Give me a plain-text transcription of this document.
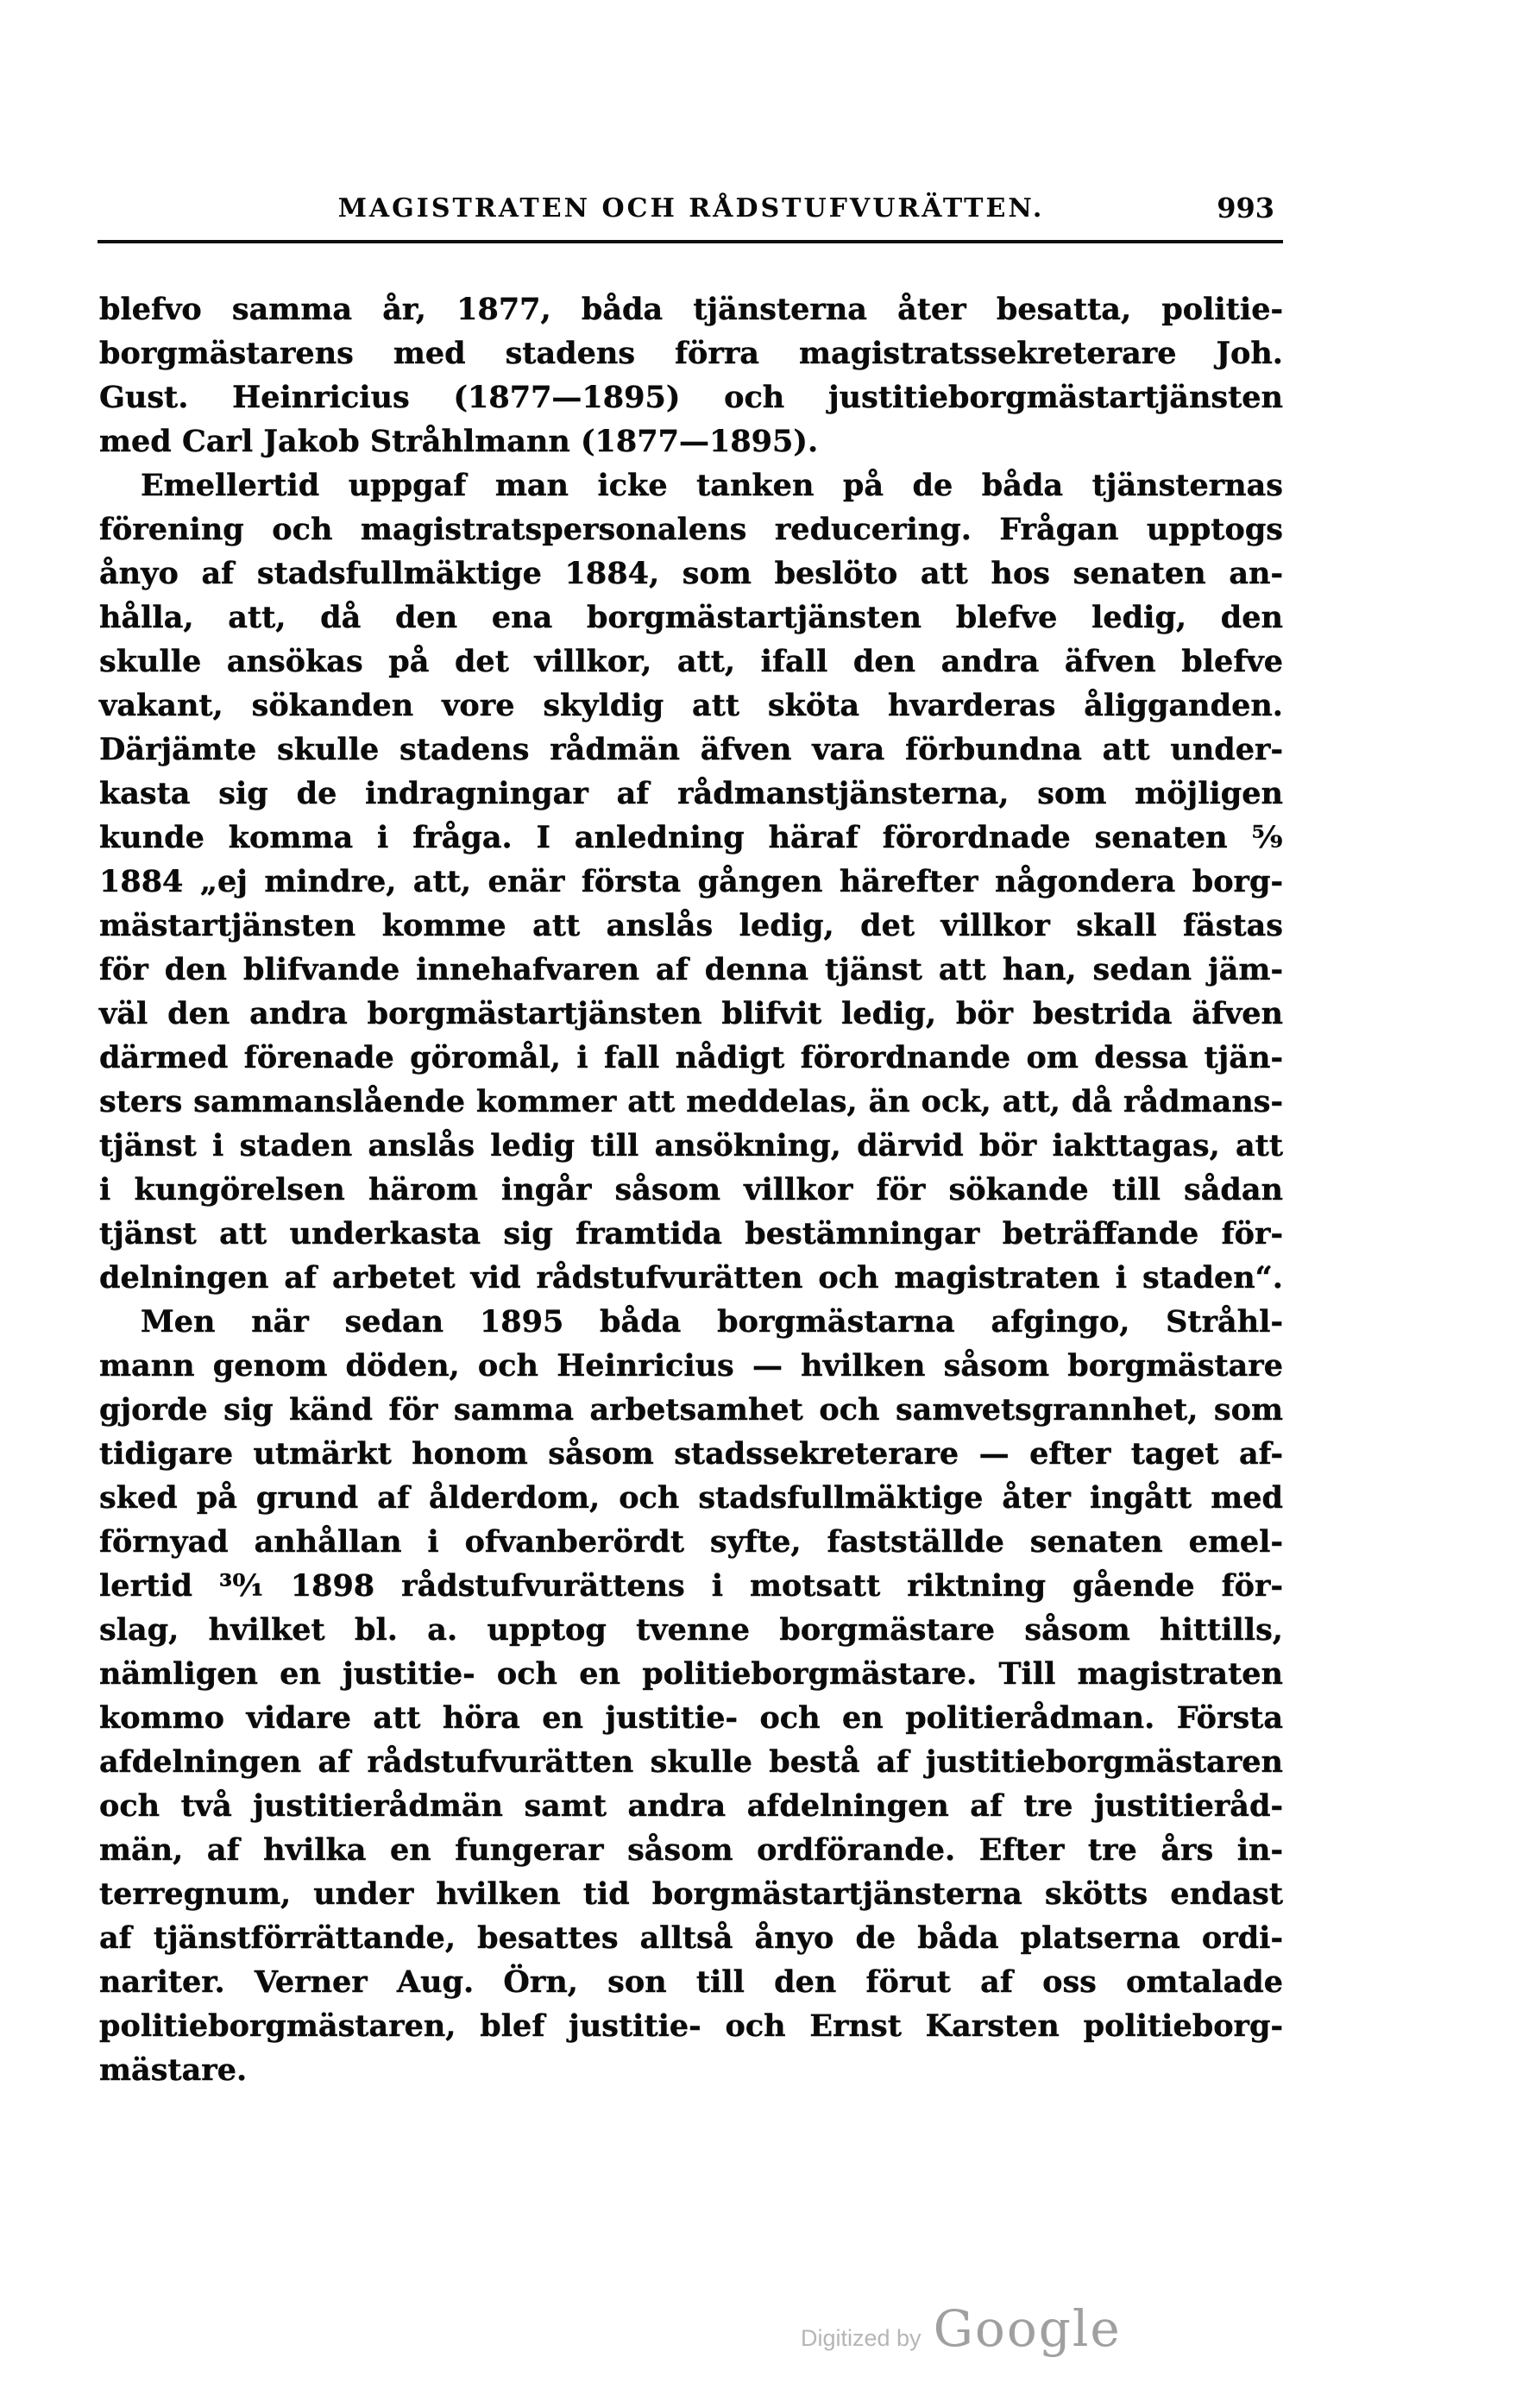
MAGISTRATEN OCH RÅDSTUFVURÄTTEN.	993
blefvo samma år, 1877, båda tjänsterna åter besatta, politie-
borgmästarens med stadens förra magistratssekreterare Joh.
Gust. Heinricius (1877—1895) och justitieborgmästartjänsten
med Carl Jakob Stråhlmann (1877—1895).
Emellertid uppgaf man icke tanken på de båda tjänsternas
förening och magistratspersonalens reducering. Frågan upptogs
ånyo af stadsfullmäktige 1884, som beslöto att hos senaten an-
hålla, att, då den ena borgmästartjänsten blefve ledig, den
skulle ansökas på det villkor, att, ifall den andra äfven blefve
vakant, sökanden vore skyldig att sköta hvarderas åligganden.
Därjämte skulle stadens rådmän äfven vara förbundna att under-
kasta sig de indragningar af rådmanstjänsterna, som möjligen
kunde komma i fråga. I anledning häraf förordnade senaten ⁵⁄₉
1884 „ej mindre, att, enär första gången härefter någondera borg-
mästartjänsten komme att anslås ledig, det villkor skall fästas
för den blifvande innehafvaren af denna tjänst att han, sedan jäm-
väl den andra borgmästartjänsten blifvit ledig, bör bestrida äfven
därmed förenade göromål, i fall nådigt förordnande om dessa tjän-
sters sammanslående kommer att meddelas, än ock, att, då rådmans-
tjänst i staden anslås ledig till ansökning, därvid bör iakttagas, att
i kungörelsen härom ingår såsom villkor för sökande till sådan
tjänst att underkasta sig framtida bestämningar beträffande för-
delningen af arbetet vid rådstufvurätten och magistraten i staden“.
Men när sedan 1895 båda borgmästarna afgingo, Stråhl-
mann genom döden, och Heinricius — hvilken såsom borgmästare
gjorde sig känd för samma arbetsamhet och samvetsgrannhet, som
tidigare utmärkt honom såsom stadssekreterare — efter taget af-
sked på grund af ålderdom, och stadsfullmäktige åter ingått med
förnyad anhållan i ofvanberördt syfte, fastställde senaten emel-
lertid ³⁰⁄₁ 1898 rådstufvurättens i motsatt riktning gående för-
slag, hvilket bl. a. upptog tvenne borgmästare såsom hittills,
nämligen en justitie- och en politieborgmästare. Till magistraten
kommo vidare att höra en justitie- och en politierådman. Första
afdelningen af rådstufvurätten skulle bestå af justitieborgmästaren
och två justitierådmän samt andra afdelningen af tre justitieråd-
män, af hvilka en fungerar såsom ordförande. Efter tre års in-
terregnum, under hvilken tid borgmästartjänsterna skötts endast
af tjänstförrättande, besattes alltså ånyo de båda platserna ordi-
nariter. Verner Aug. Örn, son till den förut af oss omtalade
politieborgmästaren, blef justitie- och Ernst Karsten politieborg-
mästare.
Digitized by Google
